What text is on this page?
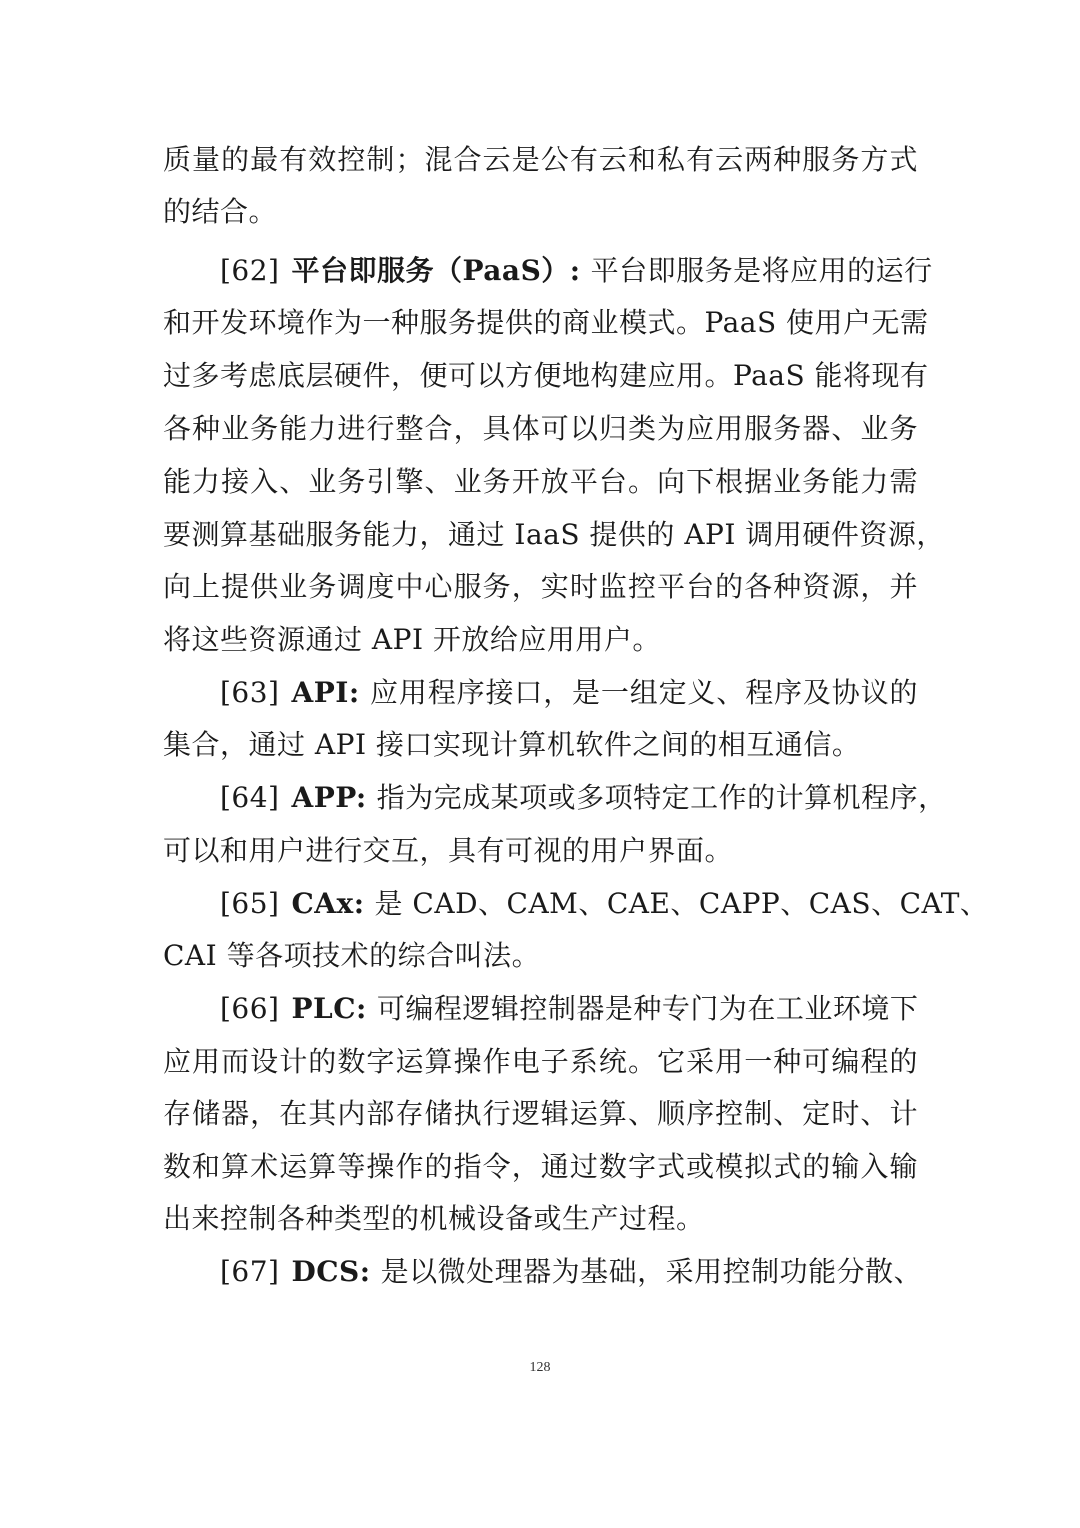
质量的最有效控制；混合云是公有云和私有云两种服务方式
的结合。
[62] 平台即服务（PaaS）: 平台即服务是将应用的运行
和开发环境作为一种服务提供的商业模式。PaaS 使用户无需
过多考虑底层硬件，便可以方便地构建应用。PaaS 能将现有
各种业务能力进行整合，具体可以归类为应用服务器、业务
能力接入、业务引擎、业务开放平台。向下根据业务能力需
要测算基础服务能力，通过 IaaS 提供的 API 调用硬件资源，
向上提供业务调度中心服务，实时监控平台的各种资源，并
将这些资源通过 API 开放给应用用户。
[63] API: 应用程序接口，是一组定义、程序及协议的
集合，通过 API 接口实现计算机软件之间的相互通信。
[64] APP: 指为完成某项或多项特定工作的计算机程序，
可以和用户进行交互，具有可视的用户界面。
[65] CAx: 是 CAD、CAM、CAE、CAPP、CAS、CAT、
CAI 等各项技术的综合叫法。
[66] PLC: 可编程逻辑控制器是种专门为在工业环境下
应用而设计的数字运算操作电子系统。它采用一种可编程的
存储器，在其内部存储执行逻辑运算、顺序控制、定时、计
数和算术运算等操作的指令，通过数字式或模拟式的输入输
出来控制各种类型的机械设备或生产过程。
[67] DCS: 是以微处理器为基础，采用控制功能分散、
128
